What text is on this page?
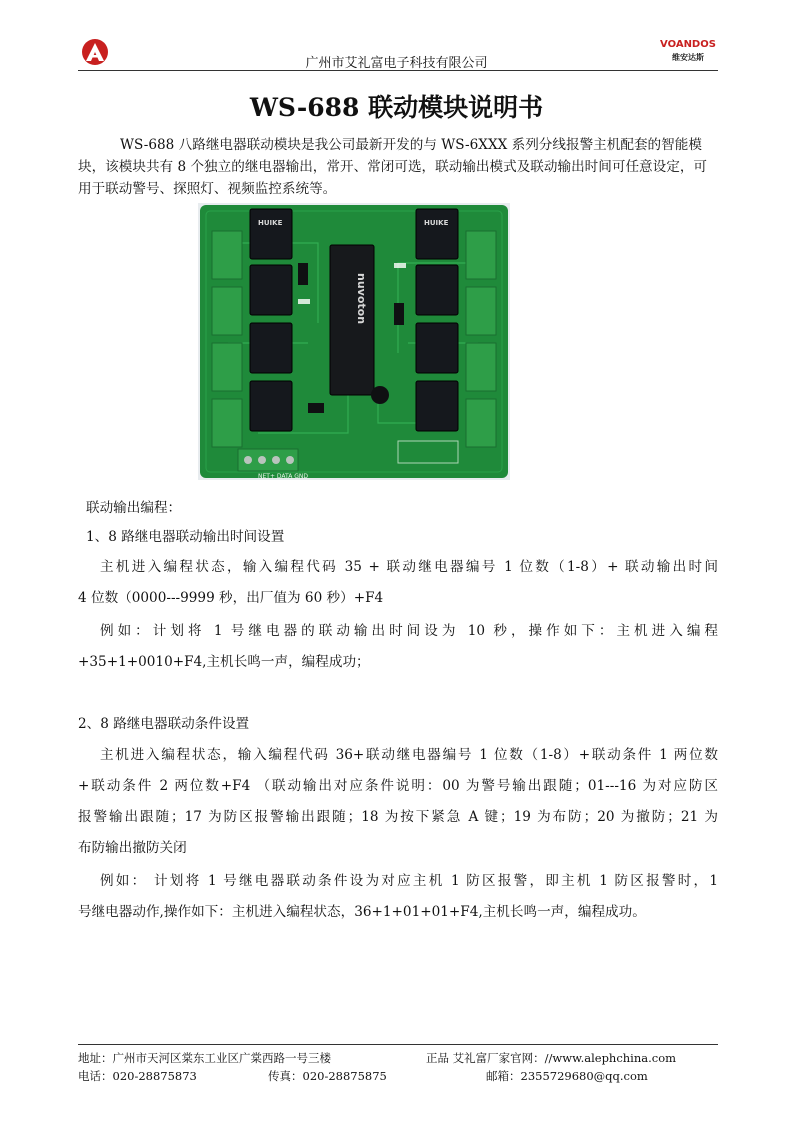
广州市艾礼富电子科技有限公司
VOANDOS
维安达斯
WS-688 联动模块说明书
WS-688 八路继电器联动模块是我公司最新开发的与 WS-6XXX 系列分线报警主机配套的智能模块，该模块共有 8 个独立的继电器输出，常开、常闭可选，联动输出模式及联动输出时间可任意设定，可用于联动警号、探照灯、视频监控系统等。
HUIKE	HUIKE
nuvoton
NET+ DATA GND
联动输出编程：
1、8 路继电器联动输出时间设置
主机进入编程状态，输入编程代码 35 + 联动继电器编号 1 位数（1-8）+ 联动输出时间
4 位数（0000---9999 秒，出厂值为 60 秒）+F4
例如：计划将 1 号继电器的联动输出时间设为 10 秒，操作如下：主机进入编程
+35+1+0010+F4,主机长鸣一声，编程成功；
2、8 路继电器联动条件设置
主机进入编程状态，输入编程代码 36+联动继电器编号 1 位数（1-8）+联动条件 1 两位数
+联动条件 2 两位数+F4 （联动输出对应条件说明：00 为警号输出跟随；01---16 为对应防区
报警输出跟随；17 为防区报警输出跟随；18 为按下紧急 A 键；19 为布防；20 为撤防；21 为
布防输出撤防关闭
例如： 计划将 1 号继电器联动条件设为对应主机 1 防区报警，即主机 1 防区报警时，1
号继电器动作,操作如下：主机进入编程状态，36+1+01+01+F4,主机长鸣一声，编程成功。
地址：广州市天河区棠东工业区广棠西路一号三楼	正品 艾礼富厂家官网：//www.alephchina.com
电话：020-28875873	传真：020-28875875	邮箱：2355729680@qq.com
